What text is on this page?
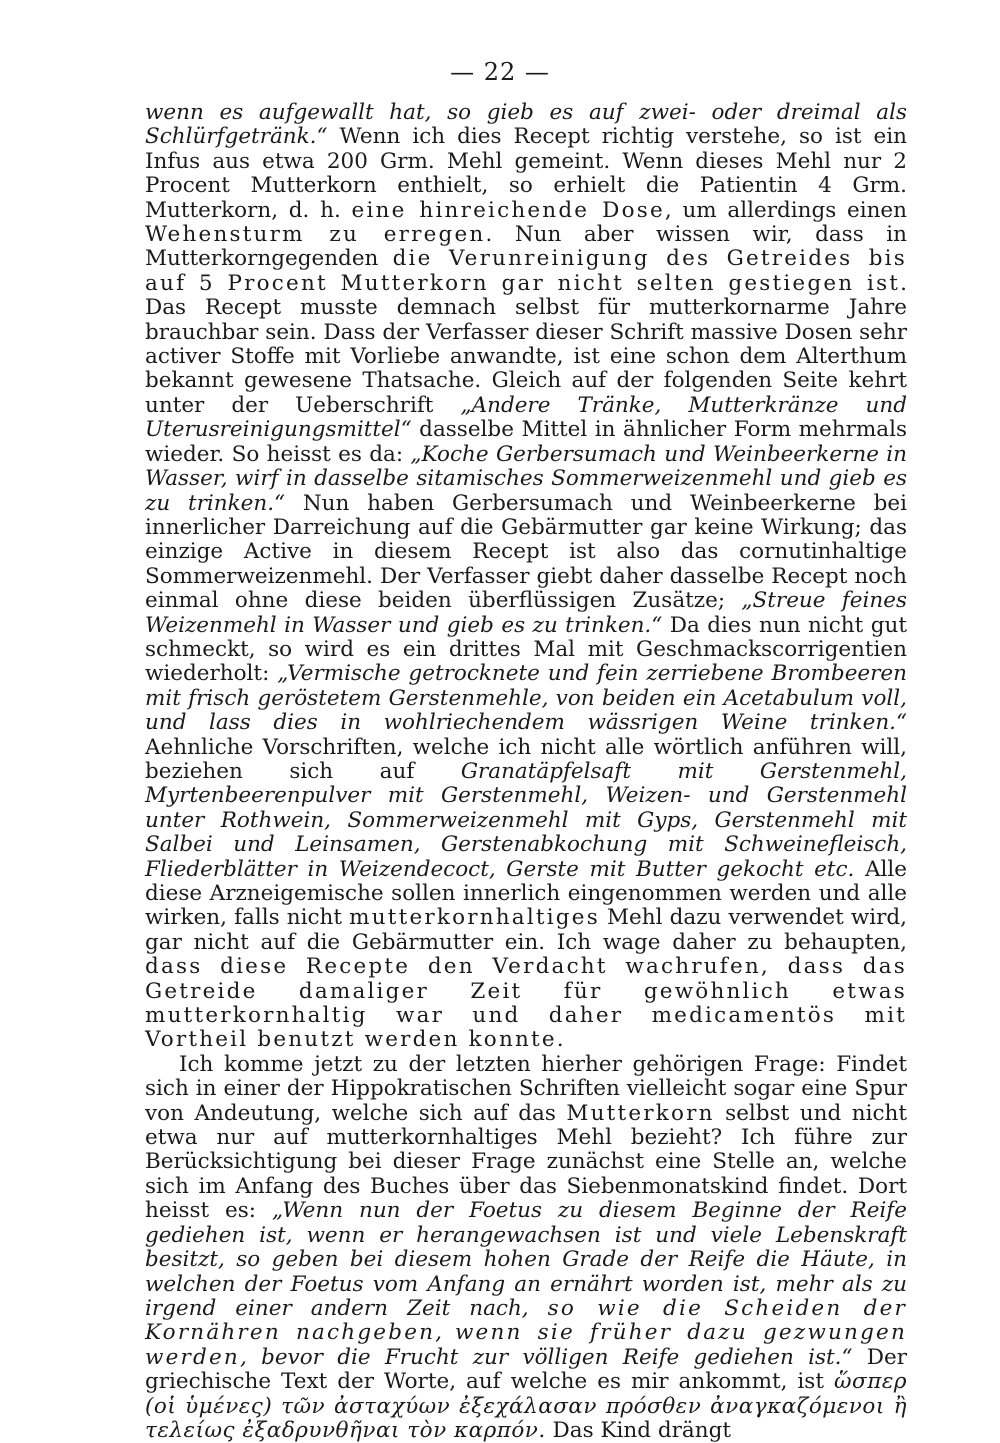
— 22 —

wenn es aufgewallt hat, so gieb es auf zwei- oder dreimal als Schlürfgetränk.“ Wenn ich dies Recept richtig verstehe, so ist ein Infus aus etwa 200 Grm. Mehl gemeint. Wenn dieses Mehl nur 2 Procent Mutterkorn enthielt, so erhielt die Patientin 4 Grm. Mutterkorn, d. h. eine hinreichende Dose, um allerdings einen Wehensturm zu erregen. Nun aber wissen wir, dass in Mutterkorngegenden die Verunreinigung des Getreides bis auf 5 Procent Mutterkorn gar nicht selten gestiegen ist. Das Recept musste demnach selbst für mutterkornarme Jahre brauchbar sein. Dass der Verfasser dieser Schrift massive Dosen sehr activer Stoffe mit Vorliebe anwandte, ist eine schon dem Alterthum bekannt gewesene Thatsache. Gleich auf der folgenden Seite kehrt unter der Ueberschrift „Andere Tränke, Mutterkränze und Uterusreinigungsmittel“ dasselbe Mittel in ähnlicher Form mehrmals wieder. So heisst es da: „Koche Gerbersumach und Weinbeerkerne in Wasser, wirf in dasselbe sitamisches Sommerweizenmehl und gieb es zu trinken.“ Nun haben Gerbersumach und Weinbeerkerne bei innerlicher Darreichung auf die Gebärmutter gar keine Wirkung; das einzige Active in diesem Recept ist also das cornutinhaltige Sommerweizenmehl. Der Verfasser giebt daher dasselbe Recept noch einmal ohne diese beiden überflüssigen Zusätze; „Streue feines Weizenmehl in Wasser und gieb es zu trinken.“ Da dies nun nicht gut schmeckt, so wird es ein drittes Mal mit Geschmackscorrigentien wiederholt: „Vermische getrocknete und fein zerriebene Brombeeren mit frisch geröstetem Gerstenmehle, von beiden ein Acetabulum voll, und lass dies in wohlriechendem wässrigen Weine trinken.“ Aehnliche Vorschriften, welche ich nicht alle wörtlich anführen will, beziehen sich auf Granatäpfelsaft mit Gerstenmehl, Myrtenbeerenpulver mit Gerstenmehl, Weizen- und Gerstenmehl unter Rothwein, Sommerweizenmehl mit Gyps, Gerstenmehl mit Salbei und Leinsamen, Gerstenabkochung mit Schweinefleisch, Fliederblätter in Weizendecoct, Gerste mit Butter gekocht etc. Alle diese Arzneigemische sollen innerlich eingenommen werden und alle wirken, falls nicht mutterkornhaltiges Mehl dazu verwendet wird, gar nicht auf die Gebärmutter ein. Ich wage daher zu behaupten, dass diese Recepte den Verdacht wachrufen, dass das Getreide damaliger Zeit für gewöhnlich etwas mutterkornhaltig war und daher medicamentös mit Vortheil benutzt werden konnte.

Ich komme jetzt zu der letzten hierher gehörigen Frage: Findet sich in einer der Hippokratischen Schriften vielleicht sogar eine Spur von Andeutung, welche sich auf das Mutterkorn selbst und nicht etwa nur auf mutterkornhaltiges Mehl bezieht? Ich führe zur Berücksichtigung bei dieser Frage zunächst eine Stelle an, welche sich im Anfang des Buches über das Siebenmonatskind findet. Dort heisst es: „Wenn nun der Foetus zu diesem Beginne der Reife gediehen ist, wenn er herangewachsen ist und viele Lebenskraft besitzt, so geben bei diesem hohen Grade der Reife die Häute, in welchen der Foetus vom Anfang an ernährt worden ist, mehr als zu irgend einer andern Zeit nach, so wie die Scheiden der Kornähren nachgeben, wenn sie früher dazu gezwungen werden, bevor die Frucht zur völligen Reife gediehen ist.“ Der griechische Text der Worte, auf welche es mir ankommt, ist ὥσπερ (οἱ ὑμένες) τῶν ἀσταχύων ἐξεχάλασαν πρόσθεν ἀναγκαζόμενοι ἢ τελείως ἐξαδρυνθῆναι τὸν καρπόν. Das Kind drängt
